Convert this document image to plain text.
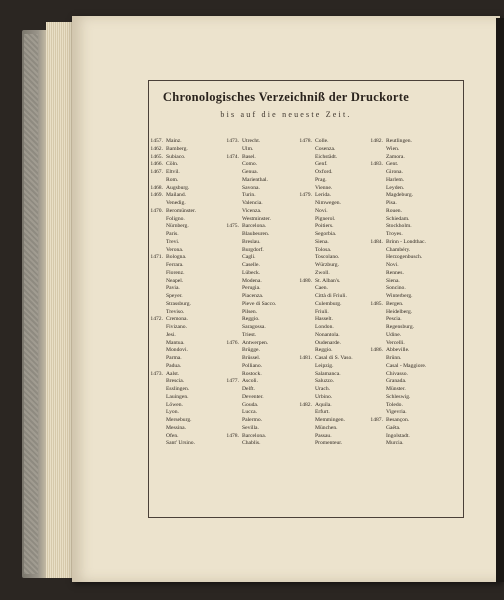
Chronologisches Verzeichniß der Druckorte
bis auf die neueste Zeit.
1457. Mainz.
1462. Bamberg.
1465. Subiaco.
1466. Cöln.
1467. Eltvil.
Rom.
1468. Augsburg.
1469. Mailand.
Venedig.
1470. Beromünster.
Foligno.
Nürnberg.
Paris.
Trevi.
Verona.
1471. Bologna.
Ferrara.
Florenz.
Neapel.
Pavia.
Speyer.
Strassburg.
Treviso.
1472. Cremona.
Fivizano.
Jesi.
Mantua.
Mondovi.
Parma.
Padua.
1473. Aalst.
Brescia.
Esslingen.
Lauingen.
Löwen.
Lyon.
Merseburg.
Messina.
Ofen.
Sant' Ursino.
1473. Utrecht.
Ulm.
1474. Basel.
Como.
Genua.
Marienthal.
Savona.
Turin.
Valencia.
Vicenza.
Westminster.
1475. Barcelona.
Blaubeuren.
Breslau.
Burgdorf.
Cagli.
Caselle.
Lübeck.
Modena.
Perugia.
Piacenza.
Pieve di Sacco.
Pilsen.
Reggio.
Saragossa.
Triest.
1476. Antwerpen.
Brügge.
Brüssel.
Polliano.
Rostock.
1477. Ascoli.
Delft.
Deventer.
Gouda.
Lucca.
Palermo.
Sevilla.
1478. Barcelona.
Chablis.
1478. Colle.
Cosenza.
Eichstädt.
Genf.
Oxford.
Prag.
Vienne.
1479. Lerida.
Nimwegen.
Novi.
Pignerol.
Poitiers.
Segorbia.
Siena.
Tolosa.
Toscolano.
Würzburg.
Zwoll.
1480. St. Alban's.
Caen.
Città di Friuli.
Culemburg.
Friuli.
Hasselt.
London.
Nonantola.
Oudenarde.
Reggio.
1481. Casal di S. Vaso.
Leipzig.
Salamanca.
Saluzzo.
Urach.
Urbino.
1482. Aquila.
Erfurt.
Memmingen.
München.
Passau.
Promenteur.
1482. Reutlingen.
Wien.
Zamora.
1483. Gent.
Girona.
Harlem.
Leyden.
Magdeburg.
Pisa.
Rouen.
Schiedam.
Stockholm.
Troyes.
1484. Brinn - Londthac.
Chambéry.
Herzogenbusch.
Novi.
Rennes.
Siena.
Soncino.
Winterberg.
1485. Bergen.
Heidelberg.
Pescia.
Regensburg.
Udine.
Vercelli.
1486. Abbeville.
Brünn.
Casal - Maggiore.
Chivasso.
Granada.
Münster.
Schleswig.
Toledo.
Vigevria.
1487. Besançon.
Gaëta.
Ingolstadt.
Murcia.
